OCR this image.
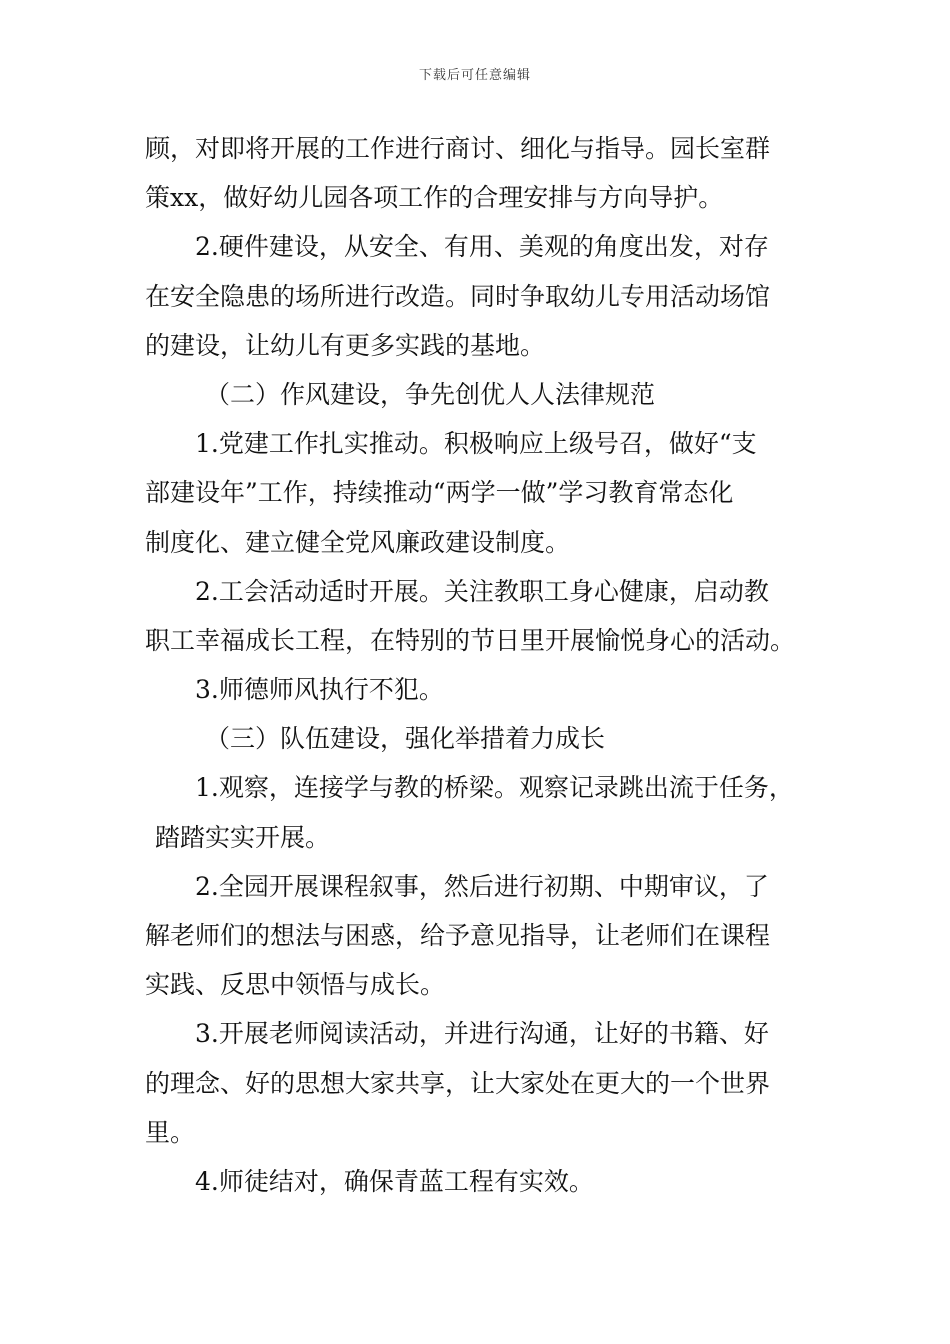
下载后可任意编辑
顾，对即将开展的工作进行商讨、细化与指导。园长室群
策xx，做好幼儿园各项工作的合理安排与方向导护。
2.硬件建设，从安全、有用、美观的角度出发，对存
在安全隐患的场所进行改造。同时争取幼儿专用活动场馆
的建设，让幼儿有更多实践的基地。
（二）作风建设，争先创优人人法律规范
1.党建工作扎实推动。积极响应上级号召，做好“支
部建设年”工作，持续推动“两学一做”学习教育常态化
制度化、建立健全党风廉政建设制度。
2.工会活动适时开展。关注教职工身心健康，启动教
职工幸福成长工程，在特别的节日里开展愉悦身心的活动。
3.师德师风执行不犯。
（三）队伍建设，强化举措着力成长
1.观察，连接学与教的桥梁。观察记录跳出流于任务，
踏踏实实开展。
2.全园开展课程叙事，然后进行初期、中期审议，了
解老师们的想法与困惑，给予意见指导，让老师们在课程
实践、反思中领悟与成长。
3.开展老师阅读活动，并进行沟通，让好的书籍、好
的理念、好的思想大家共享，让大家处在更大的一个世界
里。
4.师徒结对，确保青蓝工程有实效。
